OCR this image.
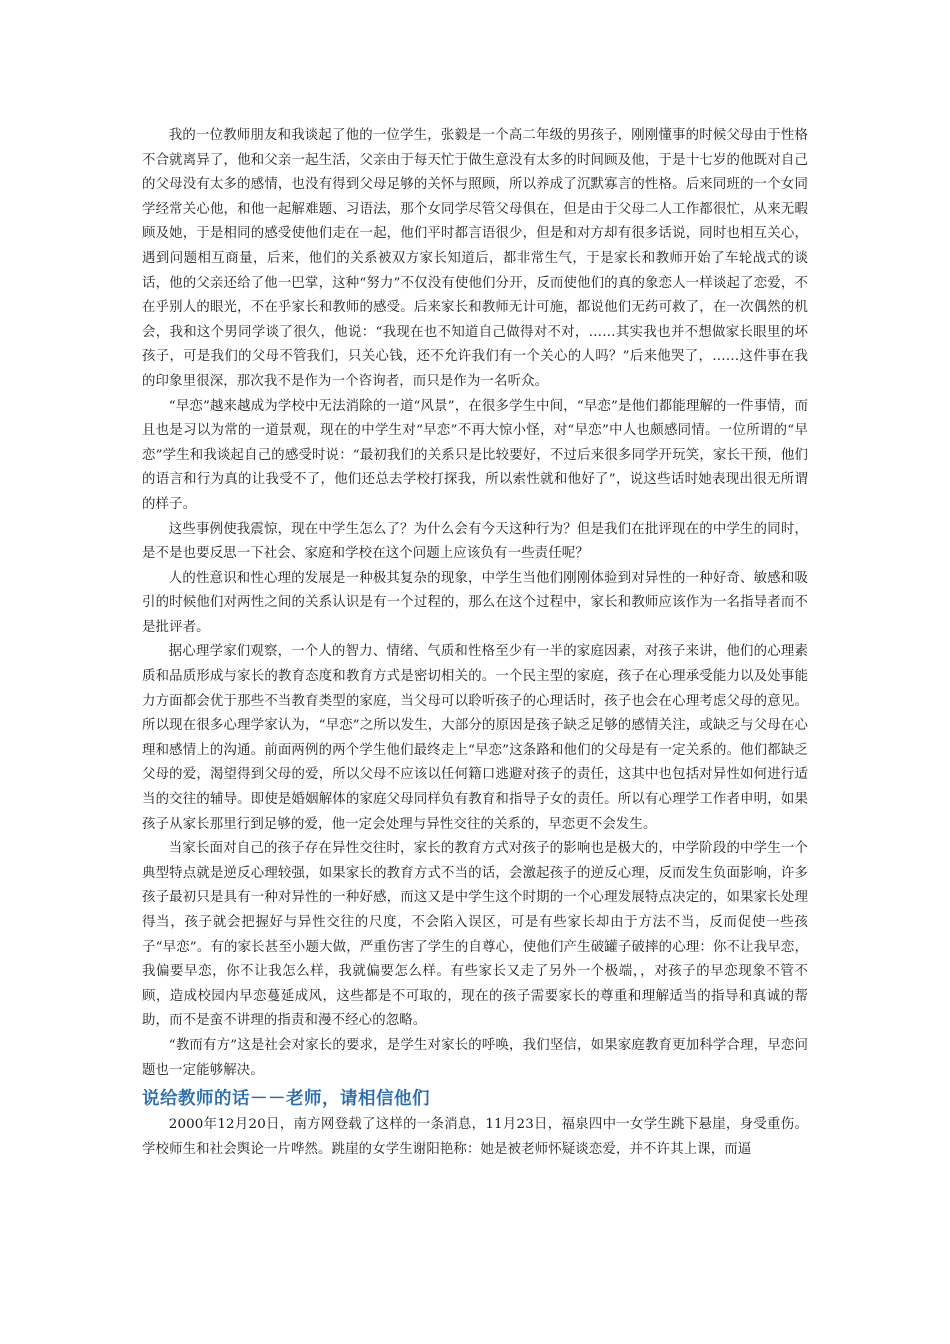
我的一位教师朋友和我谈起了他的一位学生，张毅是一个高二年级的男孩子，刚刚懂事的时候父母由于性格不合就离异了，他和父亲一起生活，父亲由于每天忙于做生意没有太多的时间顾及他，于是十七岁的他既对自己的父母没有太多的感情，也没有得到父母足够的关怀与照顾，所以养成了沉默寡言的性格。后来同班的一个女同学经常关心他，和他一起解难题、习语法，那个女同学尽管父母俱在，但是由于父母二人工作都很忙，从来无暇顾及她，于是相同的感受使他们走在一起，他们平时都言语很少，但是和对方却有很多话说，同时也相互关心，遇到问题相互商量，后来，他们的关系被双方家长知道后，都非常生气，于是家长和教师开始了车轮战式的谈话，他的父亲还给了他一巴掌，这种“努力”不仅没有使他们分开，反而使他们的真的象恋人一样谈起了恋爱，不在乎别人的眼光，不在乎家长和教师的感受。后来家长和教师无计可施，都说他们无药可救了，在一次偶然的机会，我和这个男同学谈了很久，他说：“我现在也不知道自己做得对不对，……其实我也并不想做家长眼里的坏孩子，可是我们的父母不管我们，只关心钱，还不允许我们有一个关心的人吗？”后来他哭了，……这件事在我的印象里很深，那次我不是作为一个咨询者，而只是作为一名听众。

“早恋”越来越成为学校中无法消除的一道“风景”，在很多学生中间，“早恋”是他们都能理解的一件事情，而且也是习以为常的一道景观，现在的中学生对“早恋”不再大惊小怪，对“早恋”中人也颇感同情。一位所谓的“早恋”学生和我谈起自己的感受时说：“最初我们的关系只是比较要好，不过后来很多同学开玩笑，家长干预，他们的语言和行为真的让我受不了，他们还总去学校打探我，所以索性就和他好了”，说这些话时她表现出很无所谓的样子。

这些事例使我震惊，现在中学生怎么了？为什么会有今天这种行为？但是我们在批评现在的中学生的同时，是不是也要反思一下社会、家庭和学校在这个问题上应该负有一些责任呢？

人的性意识和性心理的发展是一种极其复杂的现象，中学生当他们刚刚体验到对异性的一种好奇、敏感和吸引的时候他们对两性之间的关系认识是有一个过程的，那么在这个过程中，家长和教师应该作为一名指导者而不是批评者。

据心理学家们观察，一个人的智力、情绪、气质和性格至少有一半的家庭因素，对孩子来讲，他们的心理素质和品质形成与家长的教育态度和教育方式是密切相关的。一个民主型的家庭，孩子在心理承受能力以及处事能力方面都会优于那些不当教育类型的家庭，当父母可以聆听孩子的心理话时，孩子也会在心理考虑父母的意见。所以现在很多心理学家认为，“早恋”之所以发生，大部分的原因是孩子缺乏足够的感情关注，或缺乏与父母在心理和感情上的沟通。前面两例的两个学生他们最终走上“早恋”这条路和他们的父母是有一定关系的。他们都缺乏父母的爱，渴望得到父母的爱，所以父母不应该以任何籍口逃避对孩子的责任，这其中也包括对异性如何进行适当的交往的辅导。即使是婚姻解体的家庭父母同样负有教育和指导子女的责任。所以有心理学工作者申明，如果孩子从家长那里行到足够的爱，他一定会处理与异性交往的关系的，早恋更不会发生。

当家长面对自己的孩子存在异性交往时，家长的教育方式对孩子的影响也是极大的，中学阶段的中学生一个典型特点就是逆反心理较强，如果家长的教育方式不当的话，会激起孩子的逆反心理，反而发生负面影响，许多孩子最初只是具有一种对异性的一种好感，而这又是中学生这个时期的一个心理发展特点决定的，如果家长处理得当，孩子就会把握好与异性交往的尺度，不会陷入误区，可是有些家长却由于方法不当，反而促使一些孩子“早恋”。有的家长甚至小题大做，严重伤害了学生的自尊心，使他们产生破罐子破摔的心理：你不让我早恋，我偏要早恋，你不让我怎么样，我就偏要怎么样。有些家长又走了另外一个极端，，对孩子的早恋现象不管不顾，造成校园内早恋蔓延成风，这些都是不可取的，现在的孩子需要家长的尊重和理解适当的指导和真诚的帮助，而不是蛮不讲理的指责和漫不经心的忽略。

“教而有方”这是社会对家长的要求，是学生对家长的呼唤，我们坚信，如果家庭教育更加科学合理，早恋问题也一定能够解决。

说给教师的话－－老师，请相信他们

2000年12月20日，南方网登载了这样的一条消息，11月23日，福泉四中一女学生跳下悬崖，身受重伤。学校师生和社会舆论一片哗然。跳崖的女学生谢阳艳称：她是被老师怀疑谈恋爱，并不许其上课，而逼
